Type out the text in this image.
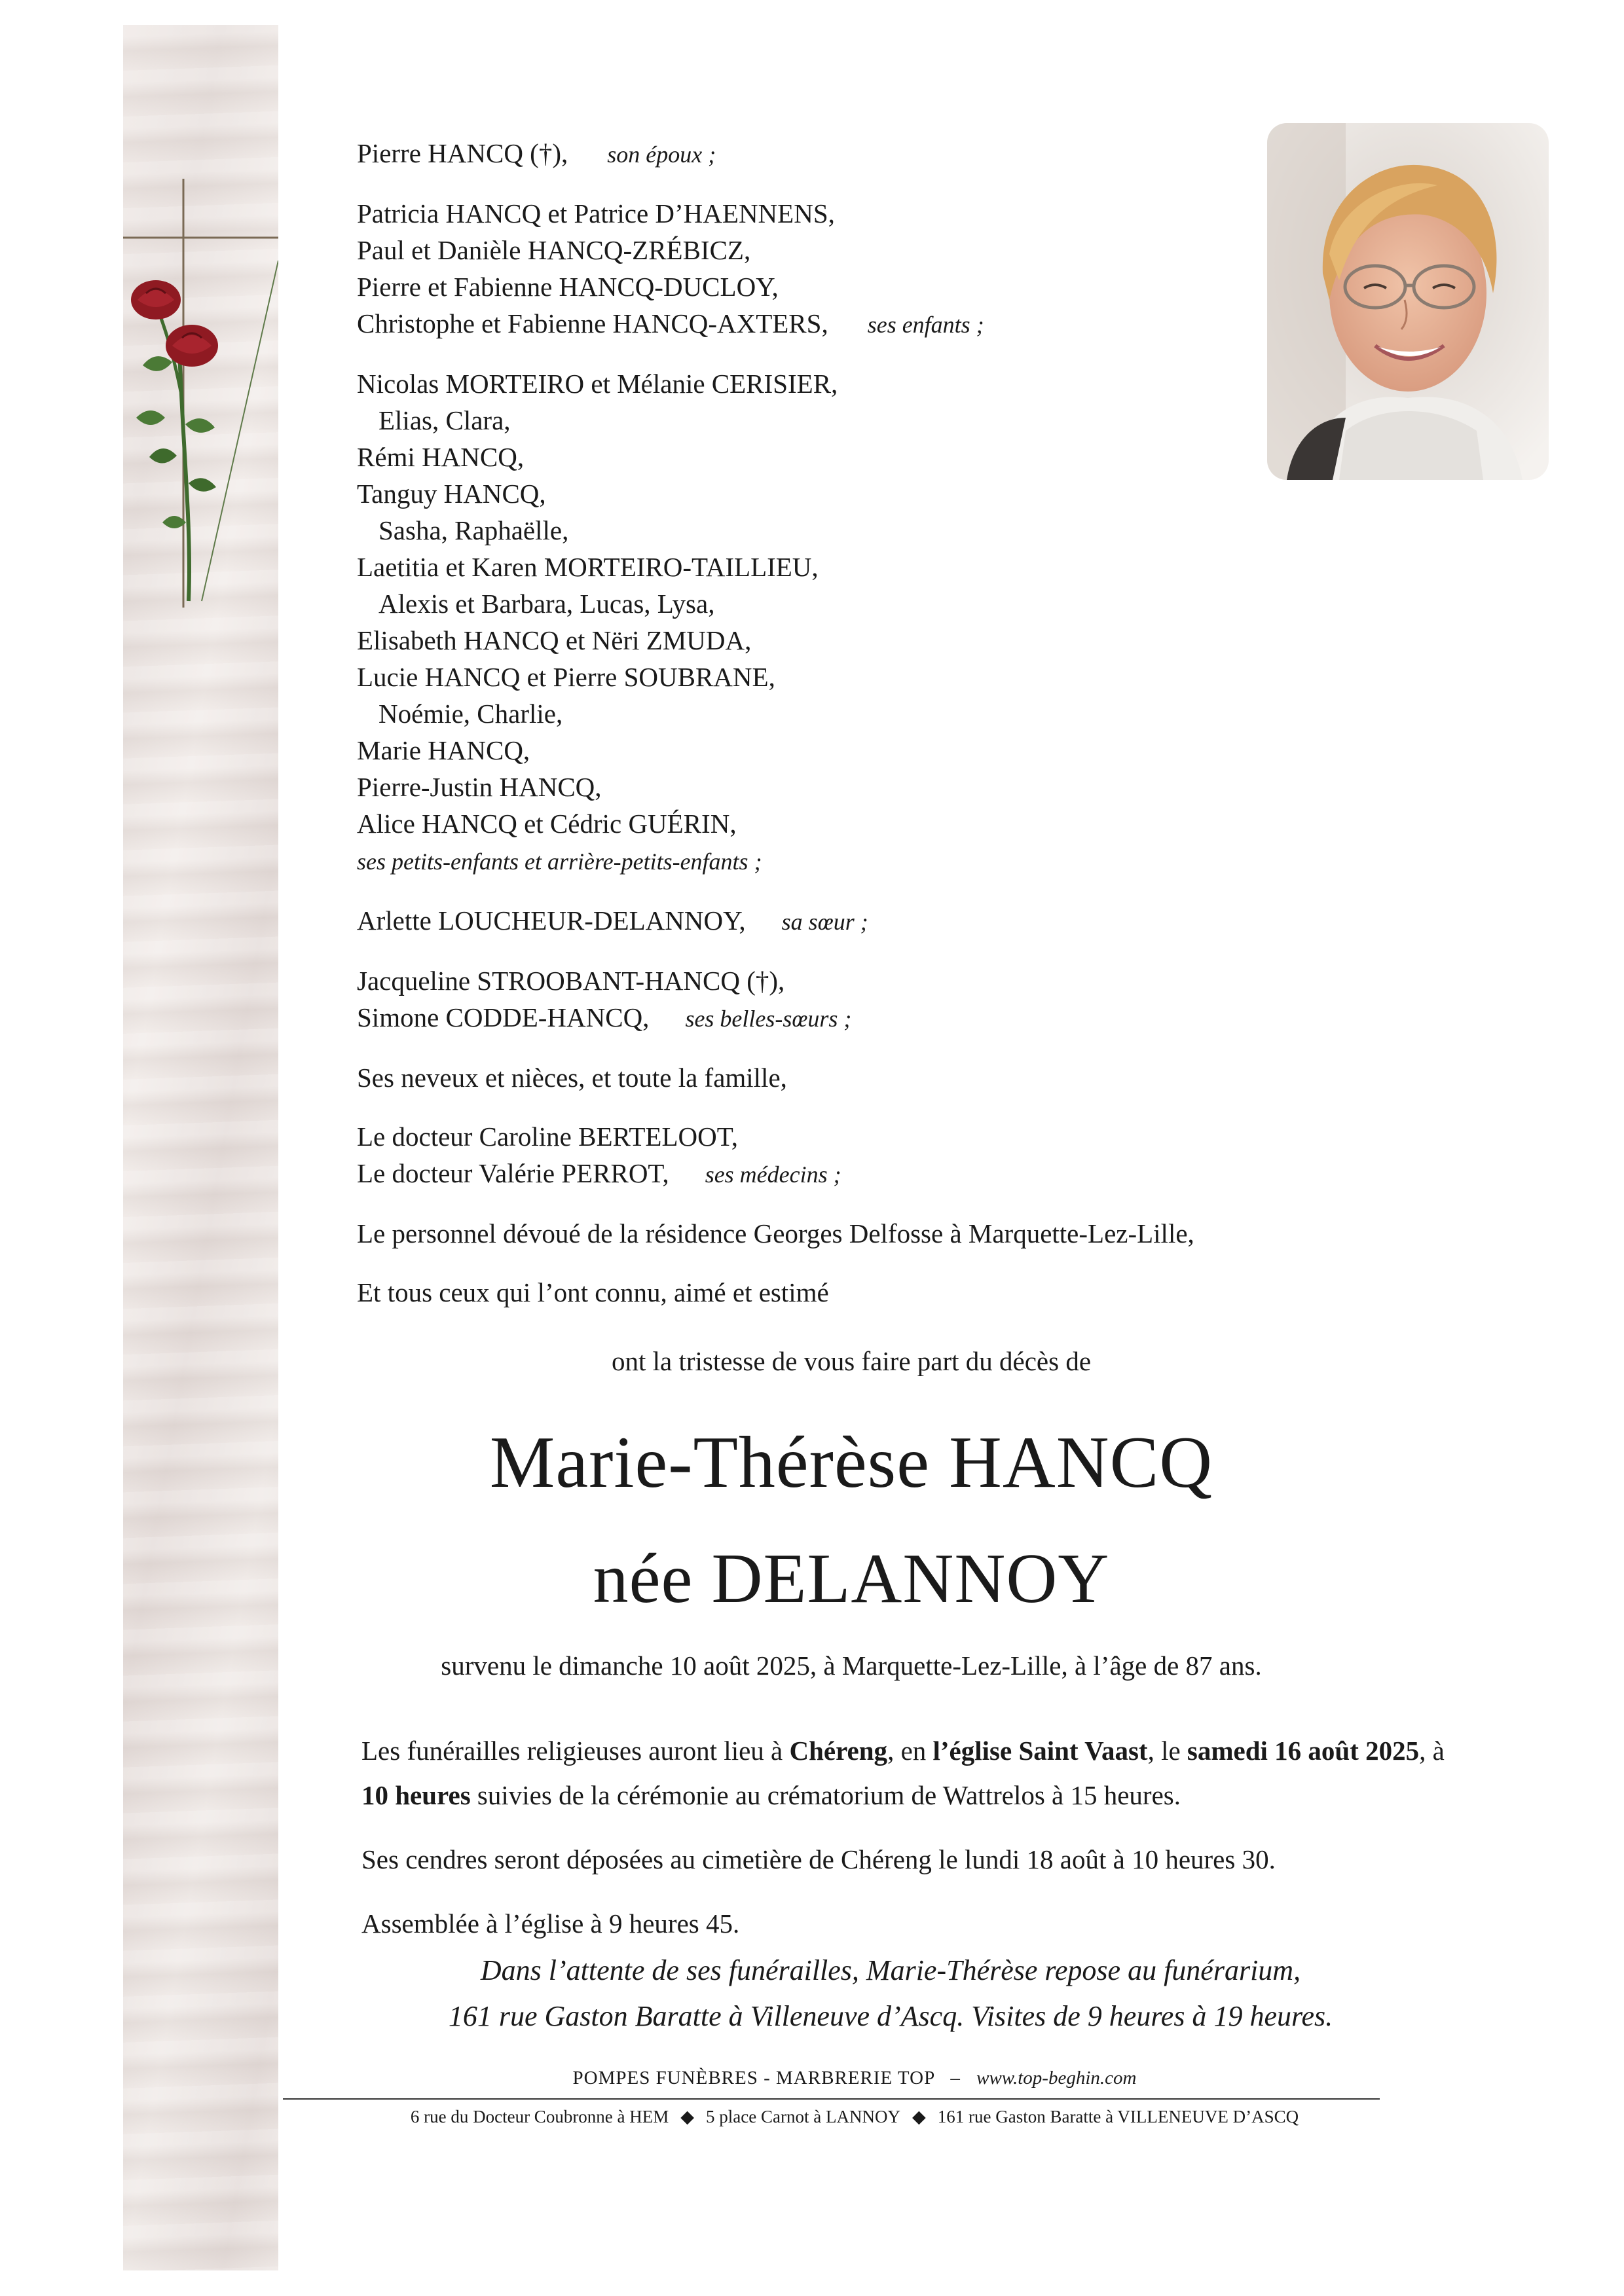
Pierre HANCQ (†), son époux ;
Patricia HANCQ et Patrice D’HAENNENS,
Paul et Danièle HANCQ-ZRÉBICZ,
Pierre et Fabienne HANCQ-DUCLOY,
Christophe et Fabienne HANCQ-AXTERS, ses enfants ;
Nicolas MORTEIRO et Mélanie CERISIER,
Elias, Clara,
Rémi HANCQ,
Tanguy HANCQ,
Sasha, Raphaëlle,
Laetitia et Karen MORTEIRO-TAILLIEU,
Alexis et Barbara, Lucas, Lysa,
Elisabeth HANCQ et Nëri ZMUDA,
Lucie HANCQ et Pierre SOUBRANE,
Noémie, Charlie,
Marie HANCQ,
Pierre-Justin HANCQ,
Alice HANCQ et Cédric GUÉRIN,
ses petits-enfants et arrière-petits-enfants ;
Arlette LOUCHEUR-DELANNOY, sa sœur ;
Jacqueline STROOBANT-HANCQ (†),
Simone CODDE-HANCQ, ses belles-sœurs ;
Ses neveux et nièces, et toute la famille,
Le docteur Caroline BERTELOOT,
Le docteur Valérie PERROT, ses médecins ;
Le personnel dévoué de la résidence Georges Delfosse à Marquette-Lez-Lille,
Et tous ceux qui l’ont connu, aimé et estimé
ont la tristesse de vous faire part du décès de
Marie-Thérèse HANCQ
née DELANNOY
survenu le dimanche 10 août 2025, à Marquette-Lez-Lille, à l’âge de 87 ans.

Les funérailles religieuses auront lieu à Chéreng, en l’église Saint Vaast, le samedi 16 août 2025, à 10 heures suivies de la cérémonie au crématorium de Wattrelos à 15 heures.

Ses cendres seront déposées au cimetière de Chéreng le lundi 18 août à 10 heures 30.

Assemblée à l’église à 9 heures 45.

Dans l’attente de ses funérailles, Marie-Thérèse repose au funérarium,
161 rue Gaston Baratte à Villeneuve d’Ascq. Visites de 9 heures à 19 heures.
POMPES FUNÈBRES - MARBRERIE TOP – www.top-beghin.com
6 rue du Docteur Coubronne à HEM ◆ 5 place Carnot à LANNOY ◆ 161 rue Gaston Baratte à VILLENEUVE D’ASCQ
